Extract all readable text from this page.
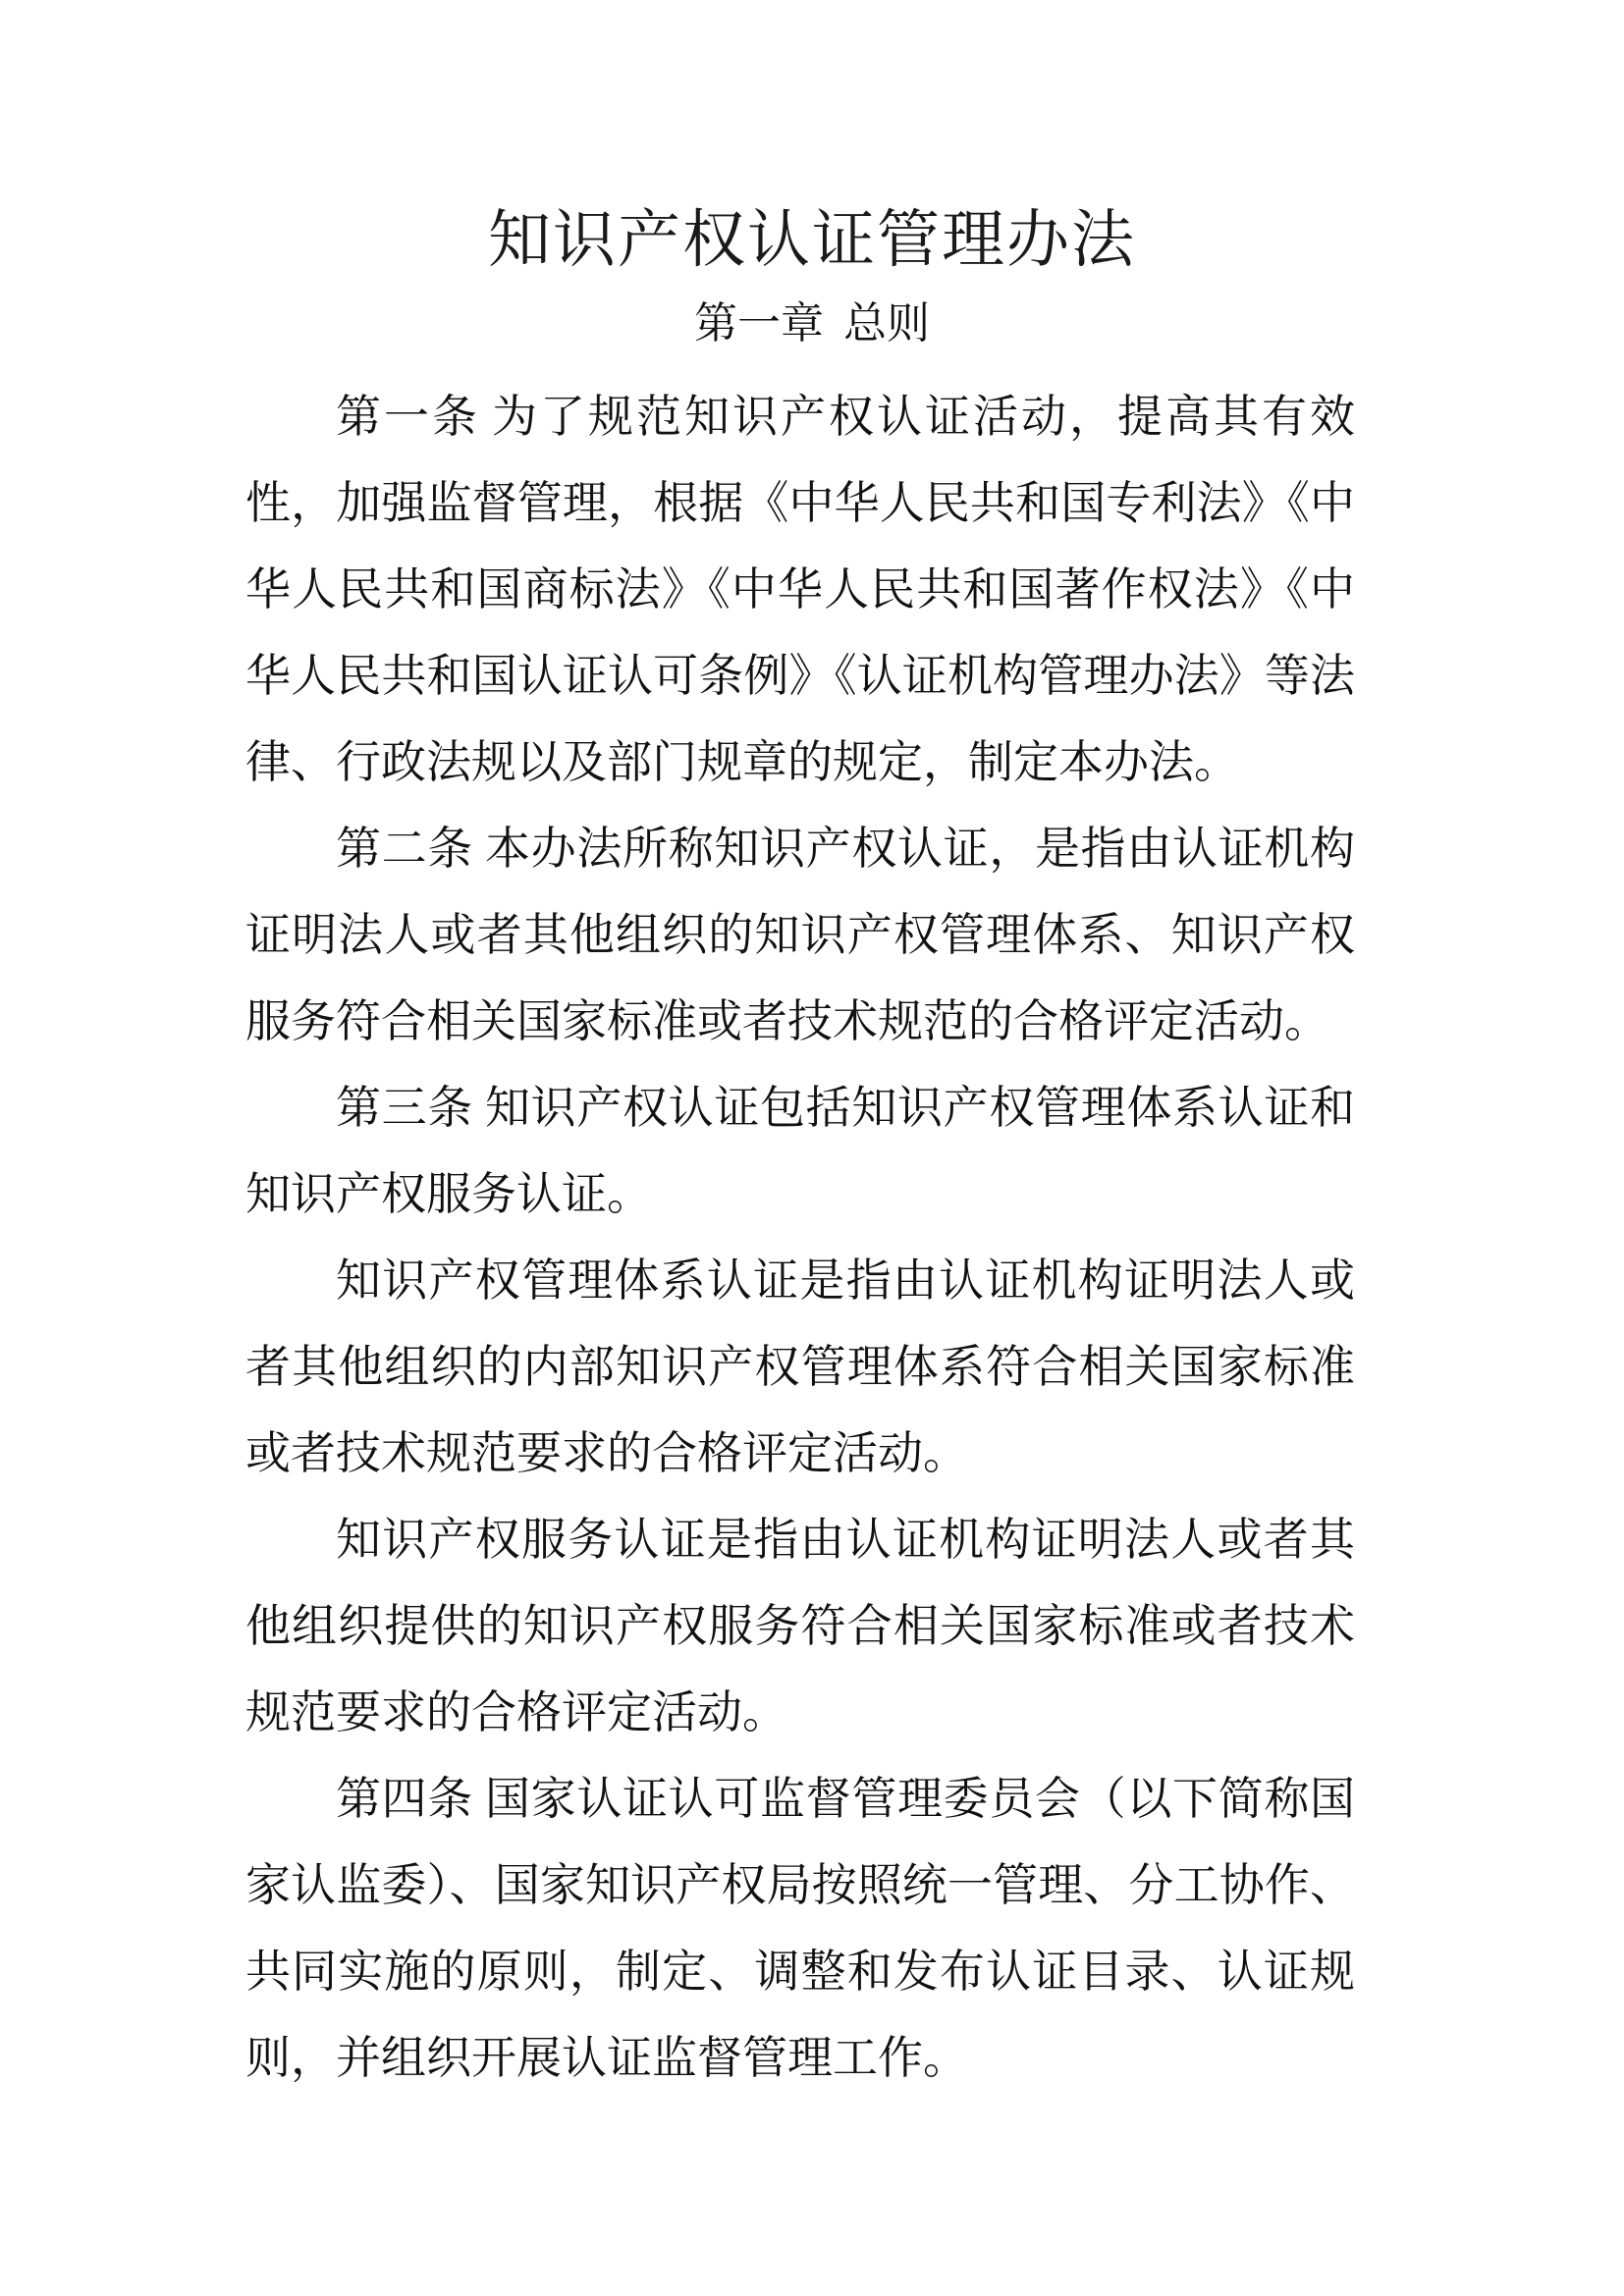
知识产权认证管理办法
第一章 总则

第一条 为了规范知识产权认证活动，提高其有效性，加强监督管理，根据《中华人民共和国专利法》《中华人民共和国商标法》《中华人民共和国著作权法》《中华人民共和国认证认可条例》《认证机构管理办法》等法律、行政法规以及部门规章的规定，制定本办法。

第二条 本办法所称知识产权认证，是指由认证机构证明法人或者其他组织的知识产权管理体系、知识产权服务符合相关国家标准或者技术规范的合格评定活动。

第三条 知识产权认证包括知识产权管理体系认证和知识产权服务认证。

知识产权管理体系认证是指由认证机构证明法人或者其他组织的内部知识产权管理体系符合相关国家标准或者技术规范要求的合格评定活动。

知识产权服务认证是指由认证机构证明法人或者其他组织提供的知识产权服务符合相关国家标准或者技术规范要求的合格评定活动。

第四条 国家认证认可监督管理委员会（以下简称国家认监委）、国家知识产权局按照统一管理、分工协作、共同实施的原则，制定、调整和发布认证目录、认证规则，并组织开展认证监督管理工作。
